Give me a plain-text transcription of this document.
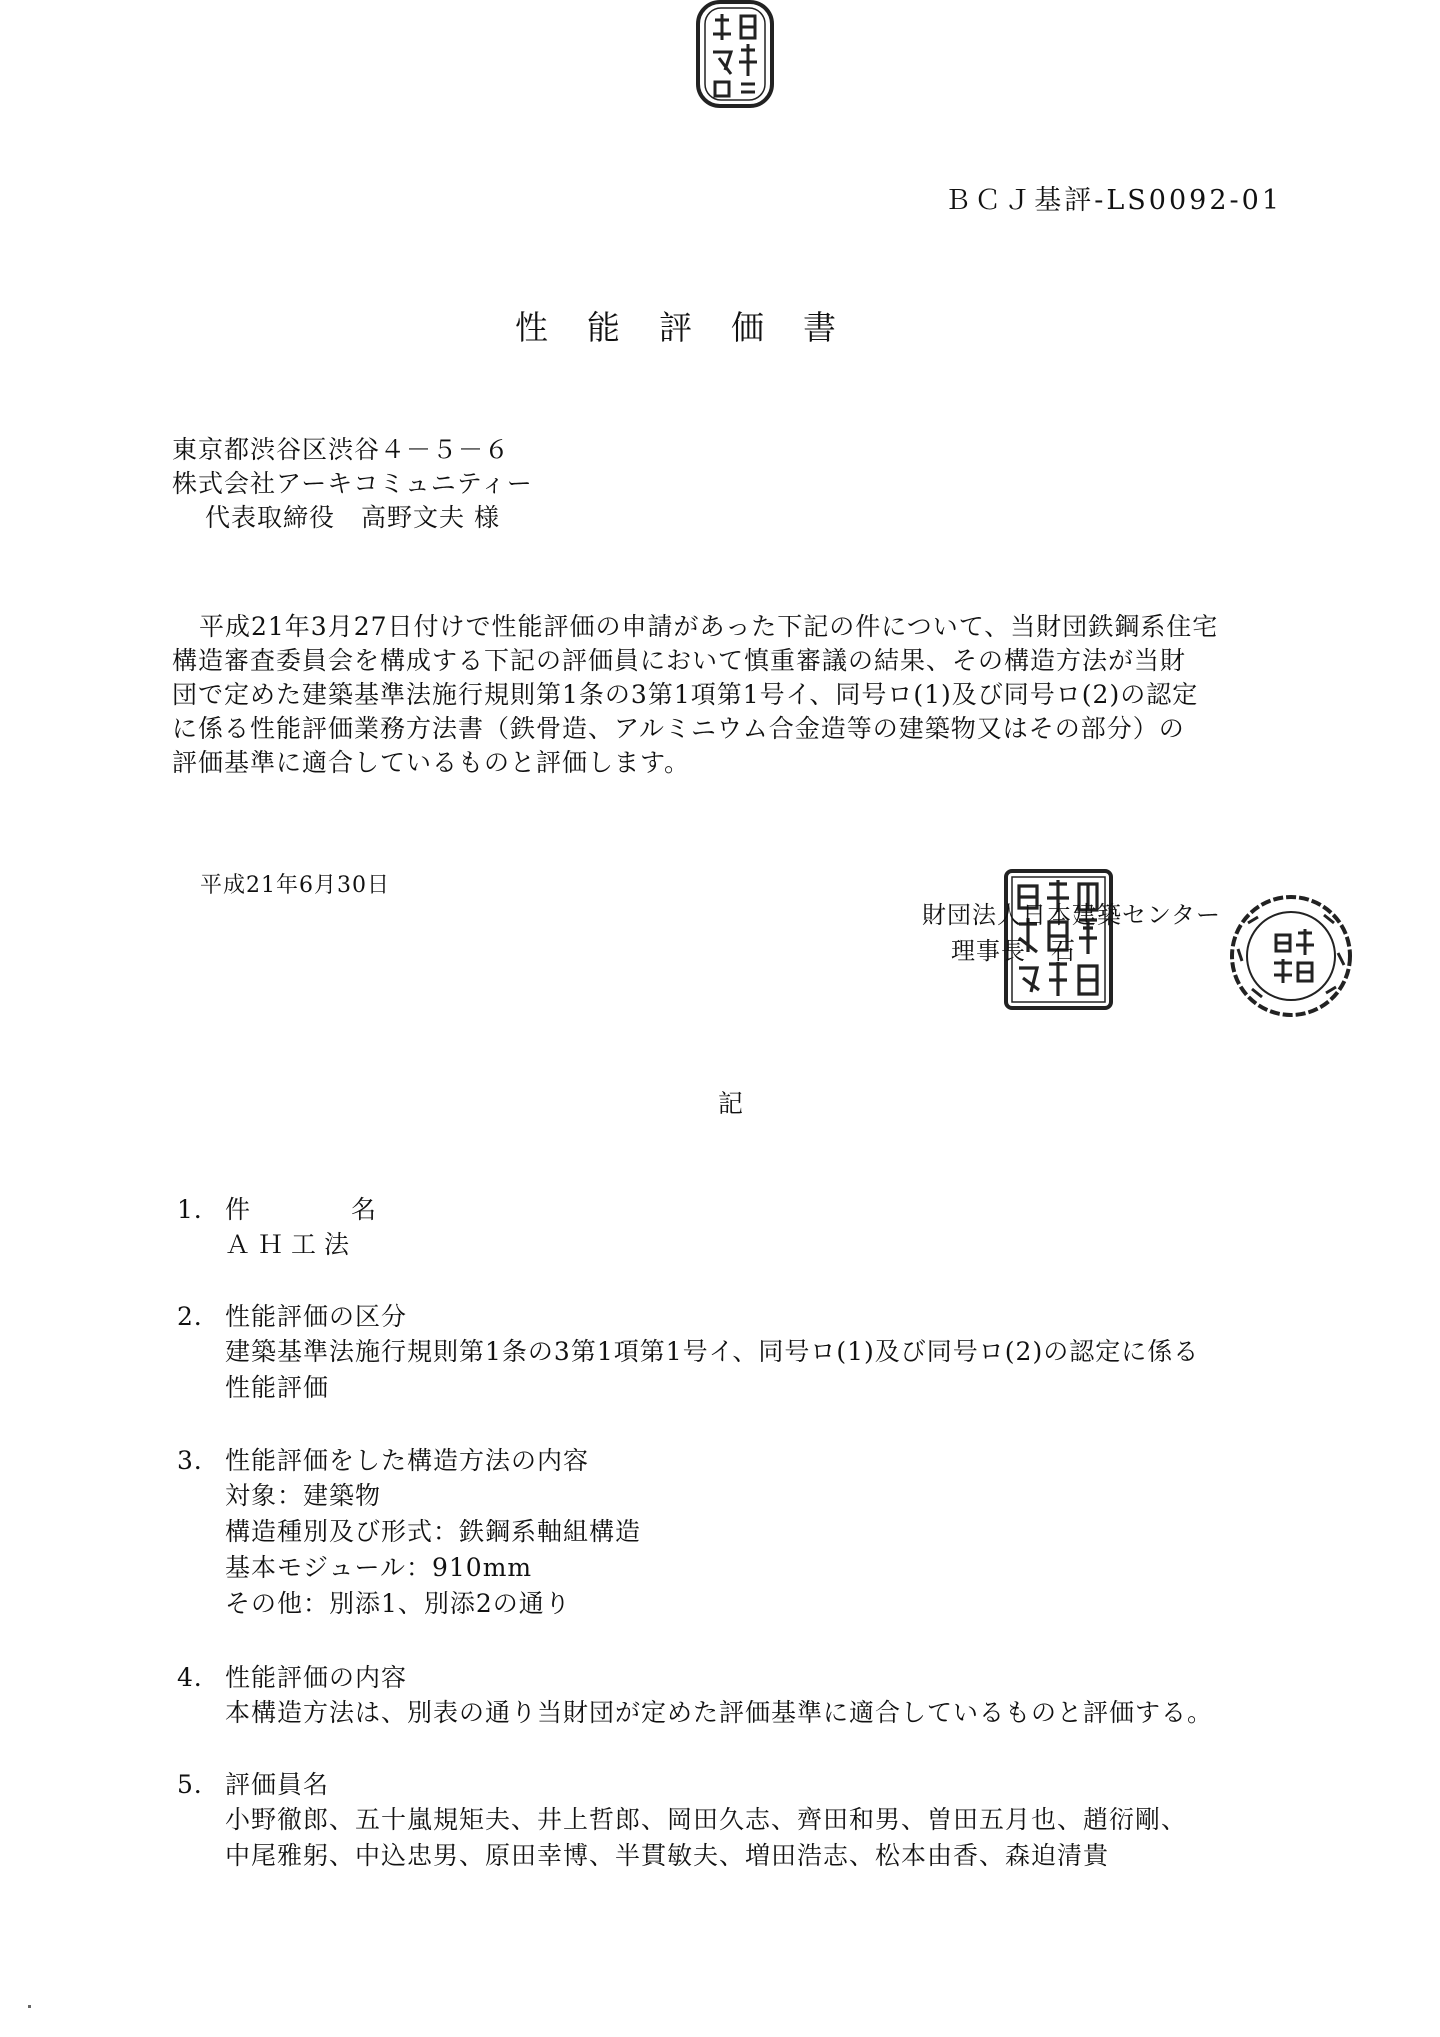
ＢＣＪ基評-LS0092-01
性能評価書
東京都渋谷区渋谷４－５－６
株式会社アーキコミュニティー
代表取締役　高野文夫 様
平成21年3月27日付けで性能評価の申請があった下記の件について、当財団鉄鋼系住宅
構造審査委員会を構成する下記の評価員において慎重審議の結果、その構造方法が当財
団で定めた建築基準法施行規則第1条の3第1項第1号イ、同号ロ(1)及び同号ロ(2)の認定
に係る性能評価業務方法書（鉄骨造、アルミニウム合金造等の建築物又はその部分）の
評価基準に適合しているものと評価します。
平成21年6月30日
財団法人日本建築センター
理事長　石
記
1． 件　名
ＡＨ工法
2． 性能評価の区分
建築基準法施行規則第1条の3第1項第1号イ、同号ロ(1)及び同号ロ(2)の認定に係る
性能評価
3． 性能評価をした構造方法の内容
対象：建築物
構造種別及び形式：鉄鋼系軸組構造
基本モジュール：910mm
その他：別添1、別添2の通り
4． 性能評価の内容
本構造方法は、別表の通り当財団が定めた評価基準に適合しているものと評価する。
5． 評価員名
小野徹郎、五十嵐規矩夫、井上哲郎、岡田久志、齊田和男、曽田五月也、趙衍剛、
中尾雅躬、中込忠男、原田幸博、半貫敏夫、増田浩志、松本由香、森迫清貴
